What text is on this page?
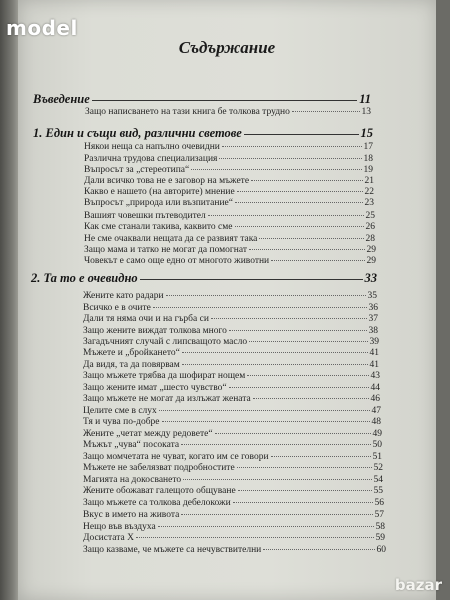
Съдържание
Въведение	11
Защо написването на тази книга бе толкова трудно	13
1. Един и същи вид, различни светове	15
Някои неща са напълно очевидни	17
Различна трудова специализация	18
Въпросът за „стереотипа“	19
Дали всичко това не е заговор на мъжете	21
Какво е нашето (на авторите) мнение	22
Въпросът „природа или възпитание“	23
Вашият човешки пътеводител	25
Как сме станали такива, каквито сме	26
Не сме очаквали нещата да се развият така	28
Защо мама и татко не могат да помогнат	29
Човекът е само още едно от многото животни	29
2. Та то е очевидно	33
Жените като радари	35
Всичко е в очите	36
Дали тя няма очи и на гърба си	37
Защо жените виждат толкова много	38
Загадъчният случай с липсващото масло	39
Мъжете и „бройкането“	41
Да видя, та да повярвам	41
Защо мъжете трябва да шофират нощем	43
Защо жените имат „шесто чувство“	44
Защо мъжете не могат да излъжат жената	46
Целите сме в слух	47
Тя и чува по-добре	48
Жените „четат между редовете“	49
Мъжът „чува“ посоката	50
Защо момчетата не чуват, когато им се говори	51
Мъжете не забелязват подробностите	52
Магията на докосването	54
Жените обожават галещото общуване	55
Защо мъжете са толкова дебелокожи	56
Вкус в името на живота	57
Нещо във въздуха	58
Досистата Х	59
Защо казваме, че мъжете са нечувствителни	60
model
bazar
